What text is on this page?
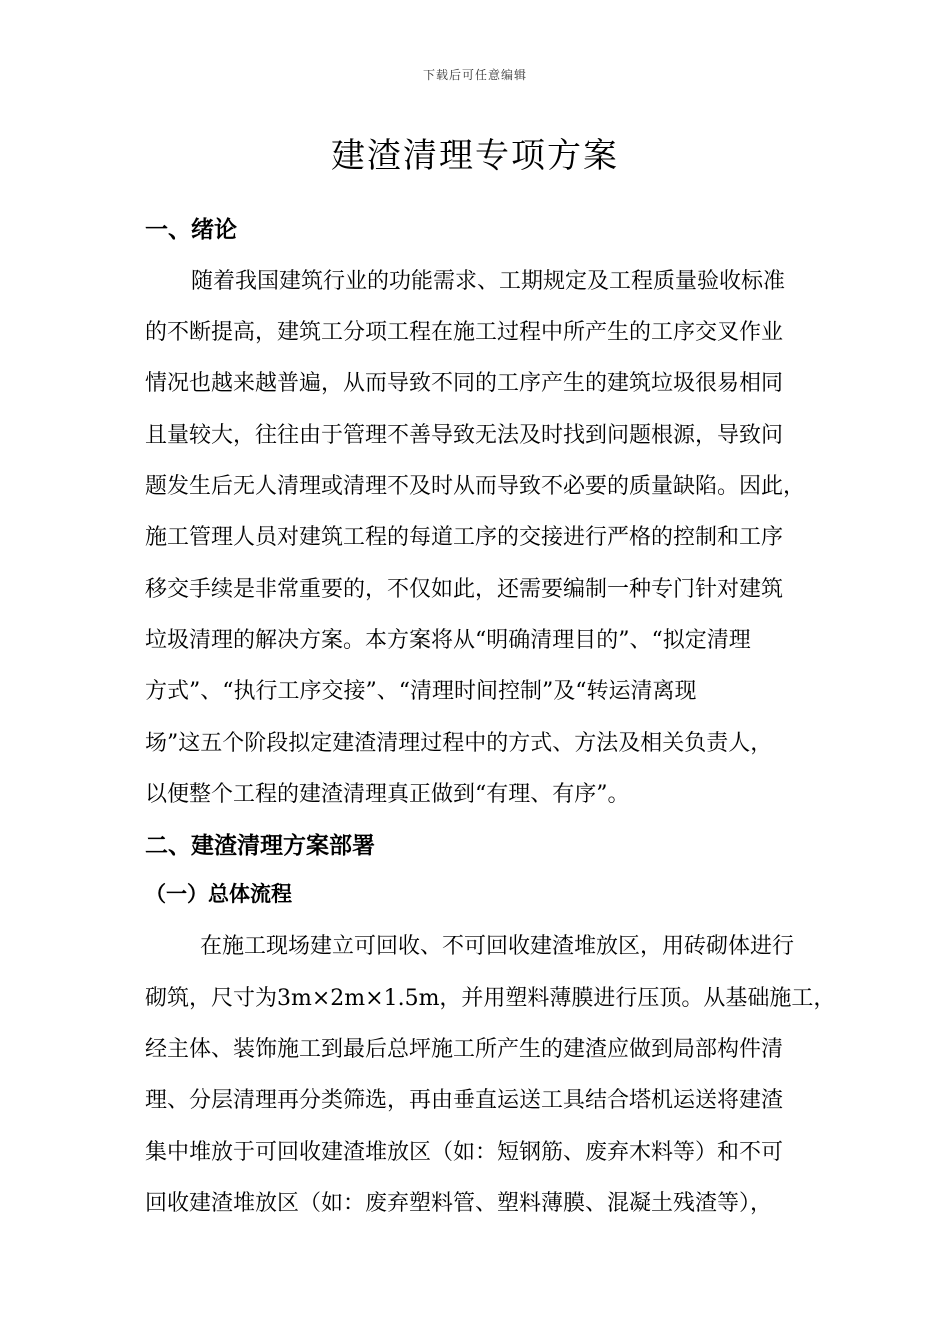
下载后可任意编辑
建渣清理专项方案
一、绪论

随着我国建筑行业的功能需求、工期规定及工程质量验收标准

的不断提高，建筑工分项工程在施工过程中所产生的工序交叉作业

情况也越来越普遍，从而导致不同的工序产生的建筑垃圾很易相同

且量较大，往往由于管理不善导致无法及时找到问题根源，导致问

题发生后无人清理或清理不及时从而导致不必要的质量缺陷。因此，

施工管理人员对建筑工程的每道工序的交接进行严格的控制和工序

移交手续是非常重要的，不仅如此，还需要编制一种专门针对建筑

垃圾清理的解决方案。本方案将从“明确清理目的”、“拟定清理

方式”、“执行工序交接”、“清理时间控制”及“转运清离现

场”这五个阶段拟定建渣清理过程中的方式、方法及相关负责人，

以便整个工程的建渣清理真正做到“有理、有序”。

二、建渣清理方案部署
（一）总体流程

在施工现场建立可回收、不可回收建渣堆放区，用砖砌体进行

砌筑，尺寸为3m×2m×1.5m，并用塑料薄膜进行压顶。从基础施工，

经主体、装饰施工到最后总坪施工所产生的建渣应做到局部构件清

理、分层清理再分类筛选，再由垂直运送工具结合塔机运送将建渣

集中堆放于可回收建渣堆放区（如：短钢筋、废弃木料等）和不可

回收建渣堆放区（如：废弃塑料管、塑料薄膜、混凝土残渣等），
